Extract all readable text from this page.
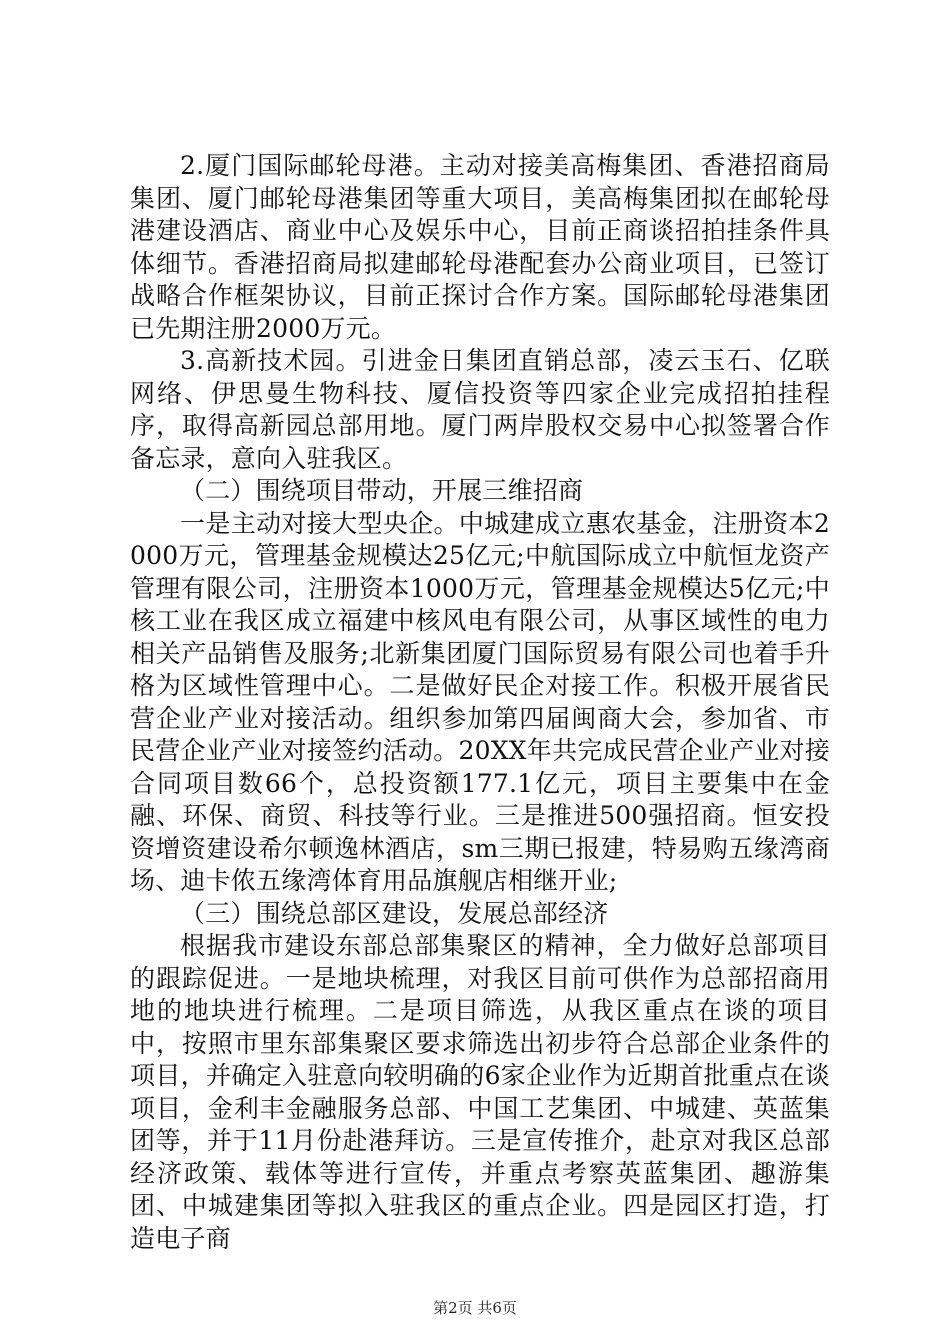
2.厦门国际邮轮母港。主动对接美高梅集团、香港招商局集团、厦门邮轮母港集团等重大项目，美高梅集团拟在邮轮母港建设酒店、商业中心及娱乐中心，目前正商谈招拍挂条件具体细节。香港招商局拟建邮轮母港配套办公商业项目，已签订战略合作框架协议，目前正探讨合作方案。国际邮轮母港集团已先期注册2000万元。

3.高新技术园。引进金日集团直销总部，凌云玉石、亿联网络、伊思曼生物科技、厦信投资等四家企业完成招拍挂程序，取得高新园总部用地。厦门两岸股权交易中心拟签署合作备忘录，意向入驻我区。

（二）围绕项目带动，开展三维招商

一是主动对接大型央企。中城建成立惠农基金，注册资本2000万元，管理基金规模达25亿元;中航国际成立中航恒龙资产管理有限公司，注册资本1000万元，管理基金规模达5亿元;中核工业在我区成立福建中核风电有限公司，从事区域性的电力相关产品销售及服务;北新集团厦门国际贸易有限公司也着手升格为区域性管理中心。二是做好民企对接工作。积极开展省民营企业产业对接活动。组织参加第四届闽商大会，参加省、市民营企业产业对接签约活动。20XX年共完成民营企业产业对接合同项目数66个，总投资额177.1亿元，项目主要集中在金融、环保、商贸、科技等行业。三是推进500强招商。恒安投资增资建设希尔顿逸林酒店，sm三期已报建，特易购五缘湾商场、迪卡侬五缘湾体育用品旗舰店相继开业;

（三）围绕总部区建设，发展总部经济

根据我市建设东部总部集聚区的精神，全力做好总部项目的跟踪促进。一是地块梳理，对我区目前可供作为总部招商用地的地块进行梳理。二是项目筛选，从我区重点在谈的项目中，按照市里东部集聚区要求筛选出初步符合总部企业条件的项目，并确定入驻意向较明确的6家企业作为近期首批重点在谈项目，金利丰金融服务总部、中国工艺集团、中城建、英蓝集团等，并于11月份赴港拜访。三是宣传推介，赴京对我区总部经济政策、载体等进行宣传，并重点考察英蓝集团、趣游集团、中城建集团等拟入驻我区的重点企业。四是园区打造，打造电子商

第2页 共6页
